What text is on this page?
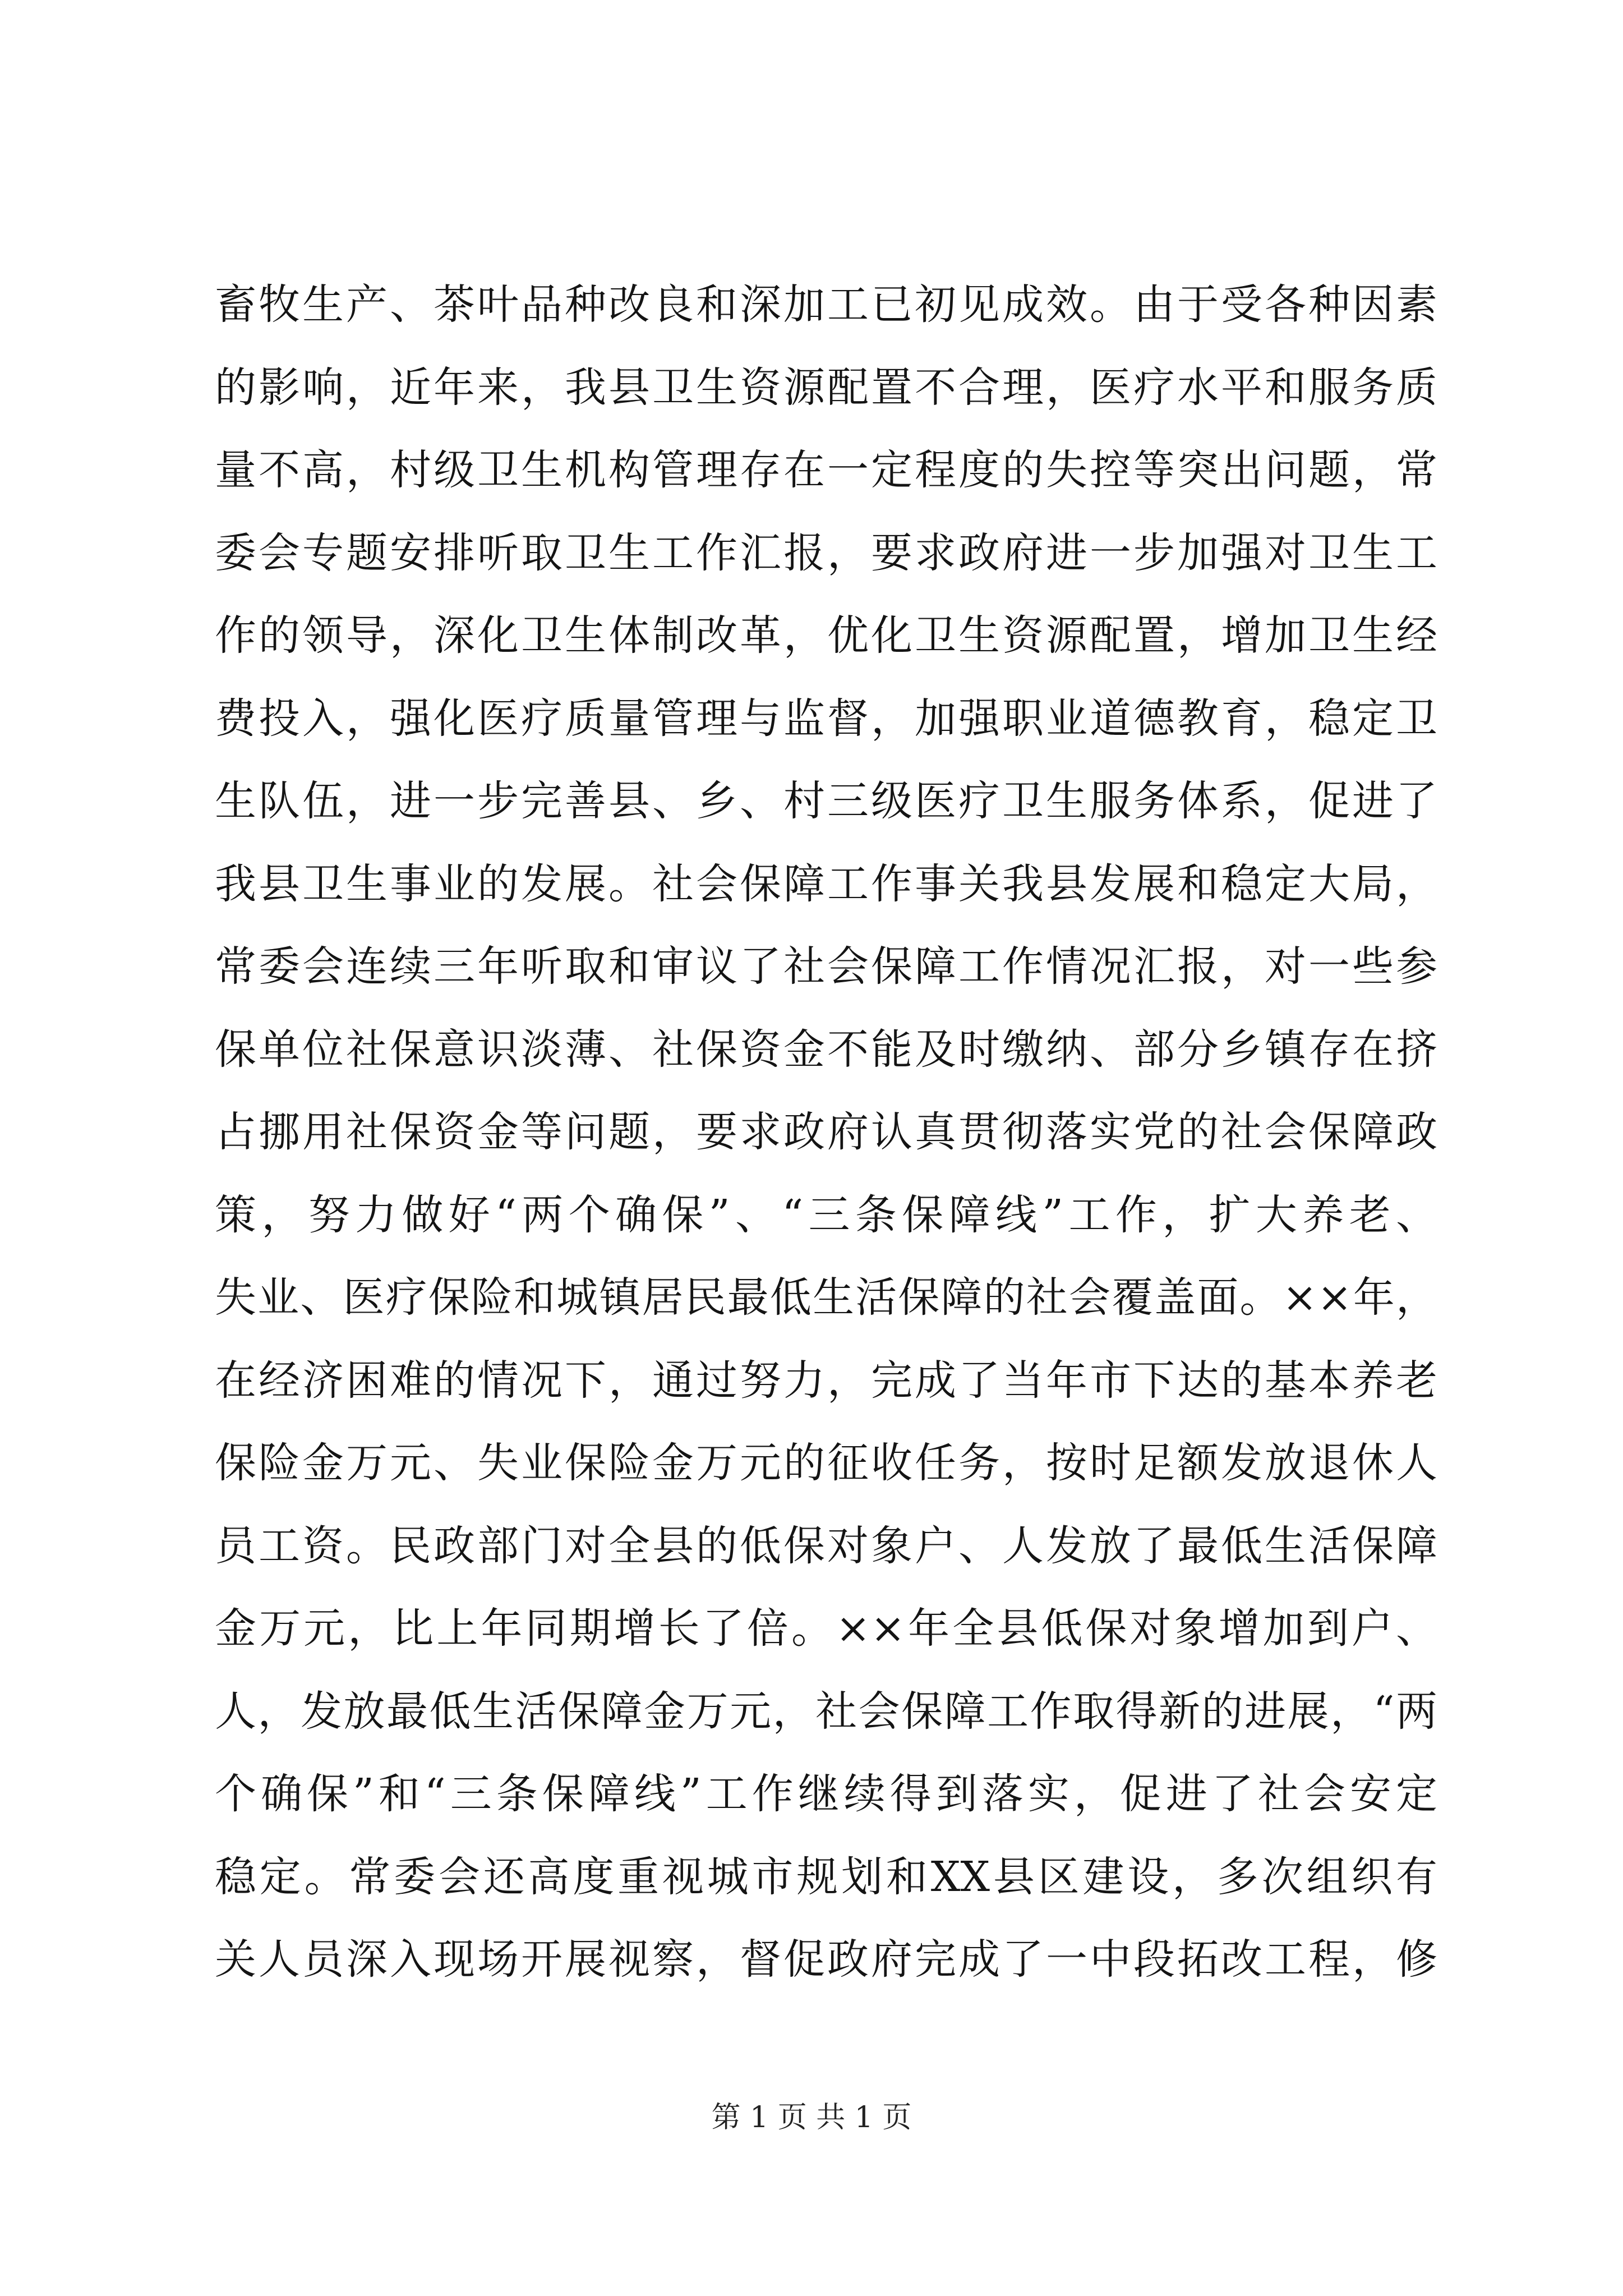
畜牧生产、茶叶品种改良和深加工已初见成效。由于受各种因素
的影响，近年来，我县卫生资源配置不合理，医疗水平和服务质
量不高，村级卫生机构管理存在一定程度的失控等突出问题，常
委会专题安排听取卫生工作汇报，要求政府进一步加强对卫生工
作的领导，深化卫生体制改革，优化卫生资源配置，增加卫生经
费投入，强化医疗质量管理与监督，加强职业道德教育，稳定卫
生队伍，进一步完善县、乡、村三级医疗卫生服务体系，促进了
我县卫生事业的发展。社会保障工作事关我县发展和稳定大局，
常委会连续三年听取和审议了社会保障工作情况汇报，对一些参
保单位社保意识淡薄、社保资金不能及时缴纳、部分乡镇存在挤
占挪用社保资金等问题，要求政府认真贯彻落实党的社会保障政
策，努力做好“两个确保”、“三条保障线”工作，扩大养老、
失业、医疗保险和城镇居民最低生活保障的社会覆盖面。××年，
在经济困难的情况下，通过努力，完成了当年市下达的基本养老
保险金万元、失业保险金万元的征收任务，按时足额发放退休人
员工资。民政部门对全县的低保对象户、人发放了最低生活保障
金万元，比上年同期增长了倍。××年全县低保对象增加到户、
人，发放最低生活保障金万元，社会保障工作取得新的进展，“两
个确保”和“三条保障线”工作继续得到落实，促进了社会安定
稳定。常委会还高度重视城市规划和XX县区建设，多次组织有
关人员深入现场开展视察，督促政府完成了一中段拓改工程，修
第 1 页 共 1 页
